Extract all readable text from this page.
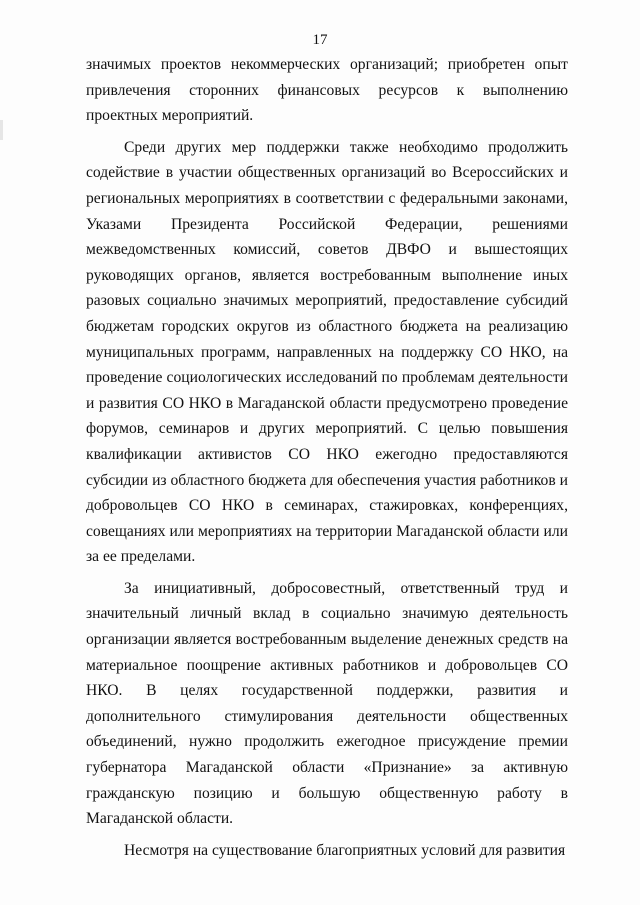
17

значимых проектов некоммерческих организаций; приобретен опыт привлечения сторонних финансовых ресурсов к выполнению проектных мероприятий.

Среди других мер поддержки также необходимо продолжить содействие в участии общественных организаций во Всероссийских и региональных мероприятиях в соответствии с федеральными законами, Указами Президента Российской Федерации, решениями межведомственных комиссий, советов ДВФО и вышестоящих руководящих органов, является востребованным выполнение иных разовых социально значимых мероприятий, предоставление субсидий бюджетам городских округов из областного бюджета на реализацию муниципальных программ, направленных на поддержку СО НКО, на проведение социологических исследований по проблемам деятельности и развития СО НКО в Магаданской области предусмотрено проведение форумов, семинаров и других мероприятий. С целью повышения квалификации активистов СО НКО ежегодно предоставляются субсидии из областного бюджета для обеспечения участия работников и добровольцев СО НКО в семинарах, стажировках, конференциях, совещаниях или мероприятиях на территории Магаданской области или за ее пределами.

За инициативный, добросовестный, ответственный труд и значительный личный вклад в социально значимую деятельность организации является востребованным выделение денежных средств на материальное поощрение активных работников и добровольцев СО НКО. В целях государственной поддержки, развития и дополнительного стимулирования деятельности общественных объединений, нужно продолжить ежегодное присуждение премии губернатора Магаданской области «Признание» за активную гражданскую позицию и большую общественную работу в Магаданской области.

Несмотря на существование благоприятных условий для развития
